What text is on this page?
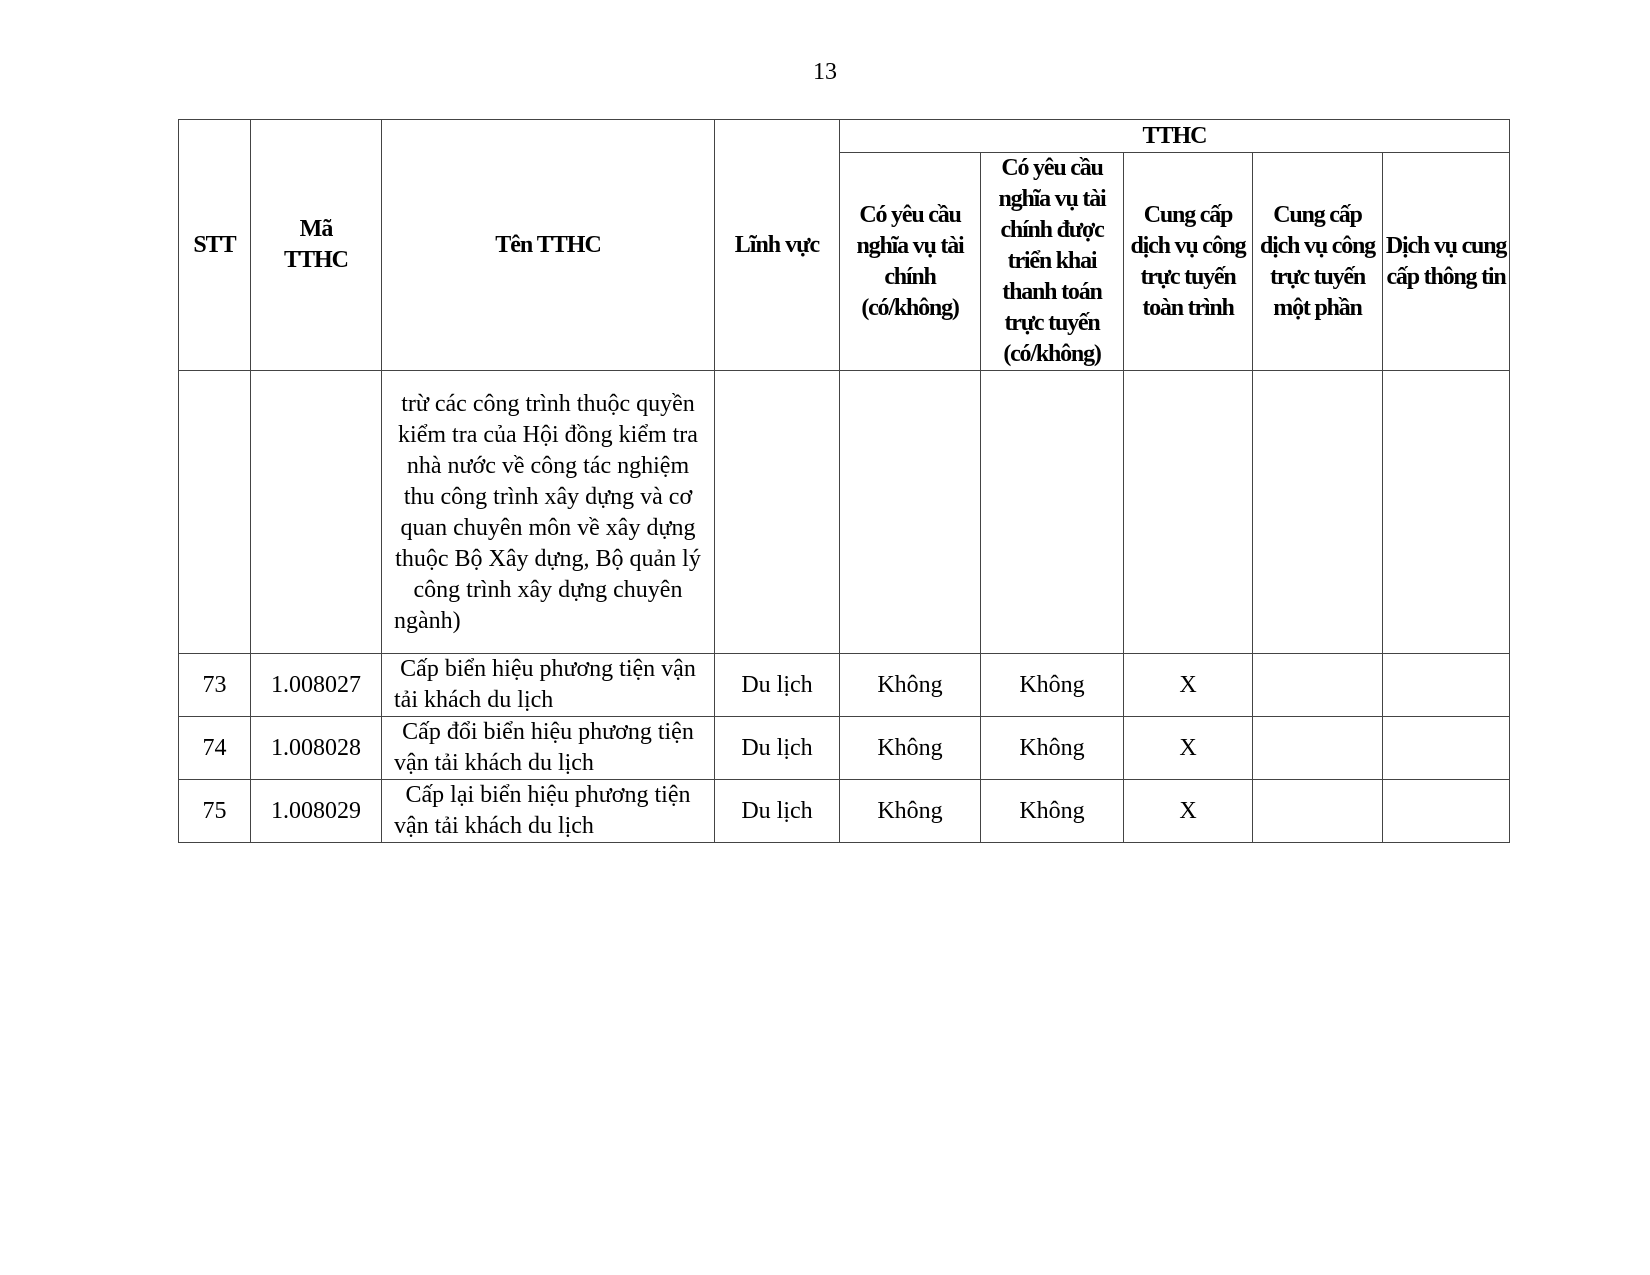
13
STT	Mã TTHC	Tên TTHC	Lĩnh vực	TTHC				
				Có yêu cầu nghĩa vụ tài chính (có/không)	Có yêu cầu nghĩa vụ tài chính được triển khai thanh toán trực tuyến (có/không)	Cung cấp dịch vụ công trực tuyến toàn trình	Cung cấp dịch vụ công trực tuyến một phần	Dịch vụ cung cấp thông tin
		trừ các công trình thuộc quyền kiểm tra của Hội đồng kiểm tra nhà nước về công tác nghiệm thu công trình xây dựng và cơ quan chuyên môn về xây dựng thuộc Bộ Xây dựng, Bộ quản lý công trình xây dựng chuyên ngành)						
73	1.008027	Cấp biển hiệu phương tiện vận tải khách du lịch	Du lịch	Không	Không	X		
74	1.008028	Cấp đổi biển hiệu phương tiện vận tải khách du lịch	Du lịch	Không	Không	X		
75	1.008029	Cấp lại biển hiệu phương tiện vận tải khách du lịch	Du lịch	Không	Không	X		
